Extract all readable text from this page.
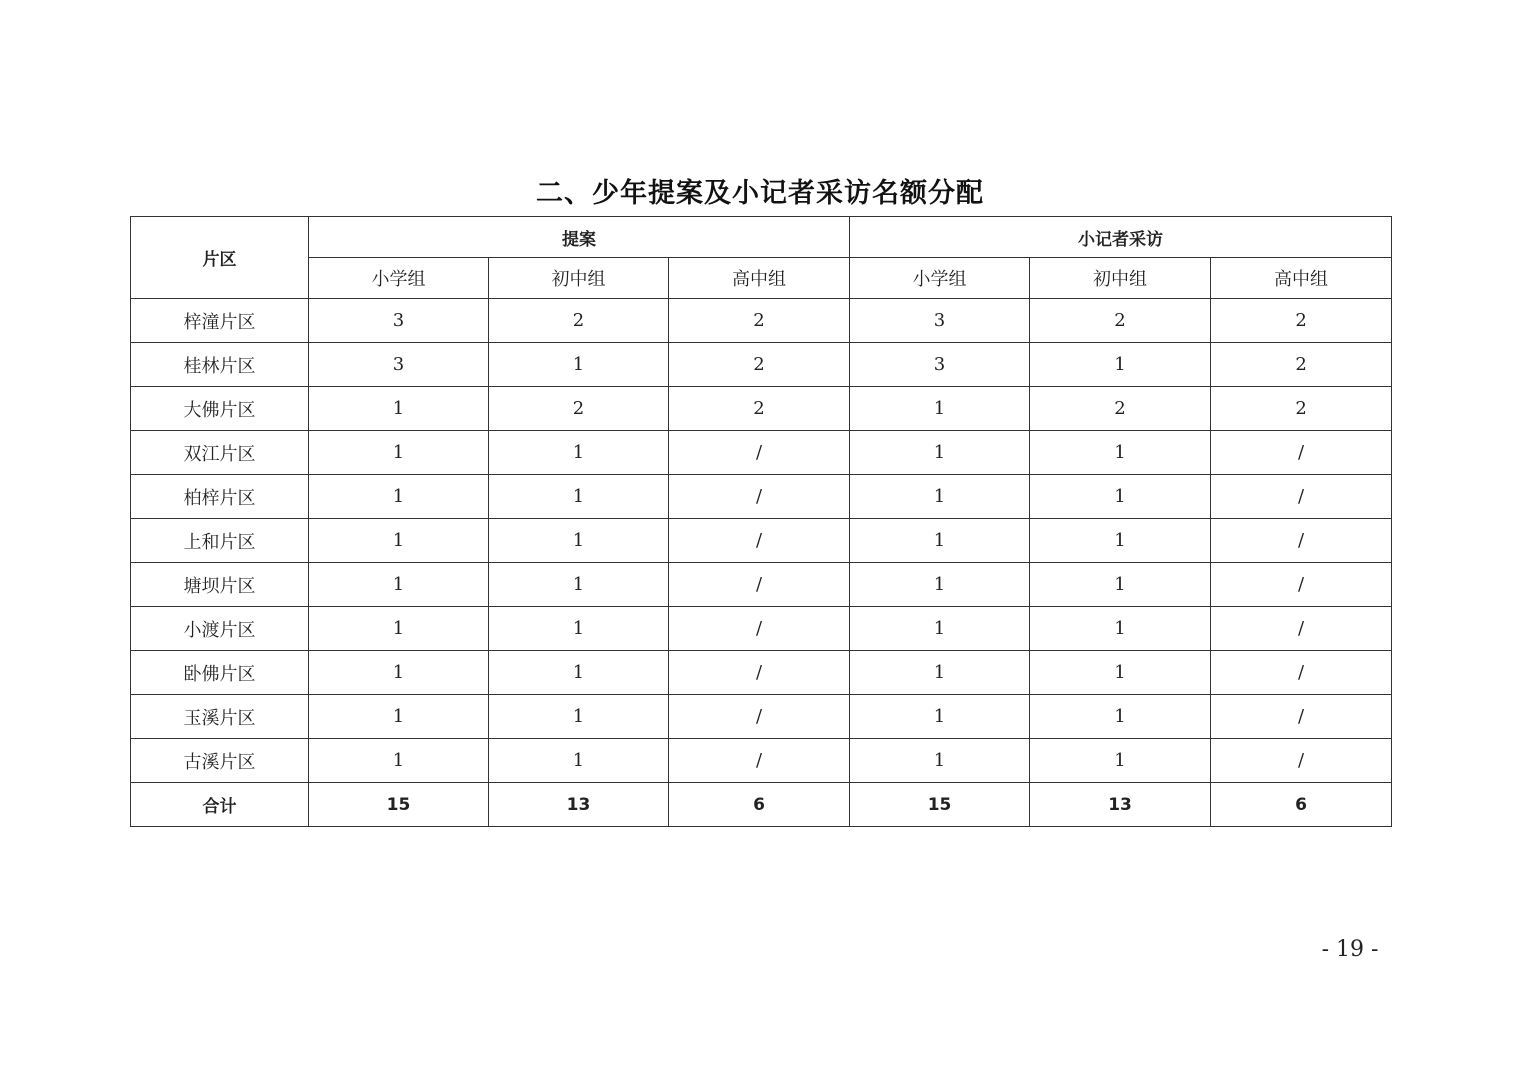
二、少年提案及小记者采访名额分配
片区	提案			小记者采访		
	小学组	初中组	高中组	小学组	初中组	高中组
梓潼片区	3	2	2	3	2	2
桂林片区	3	1	2	3	1	2
大佛片区	1	2	2	1	2	2
双江片区	1	1	/	1	1	/
柏梓片区	1	1	/	1	1	/
上和片区	1	1	/	1	1	/
塘坝片区	1	1	/	1	1	/
小渡片区	1	1	/	1	1	/
卧佛片区	1	1	/	1	1	/
玉溪片区	1	1	/	1	1	/
古溪片区	1	1	/	1	1	/
合计	15	13	6	15	13	6
- 19 -
